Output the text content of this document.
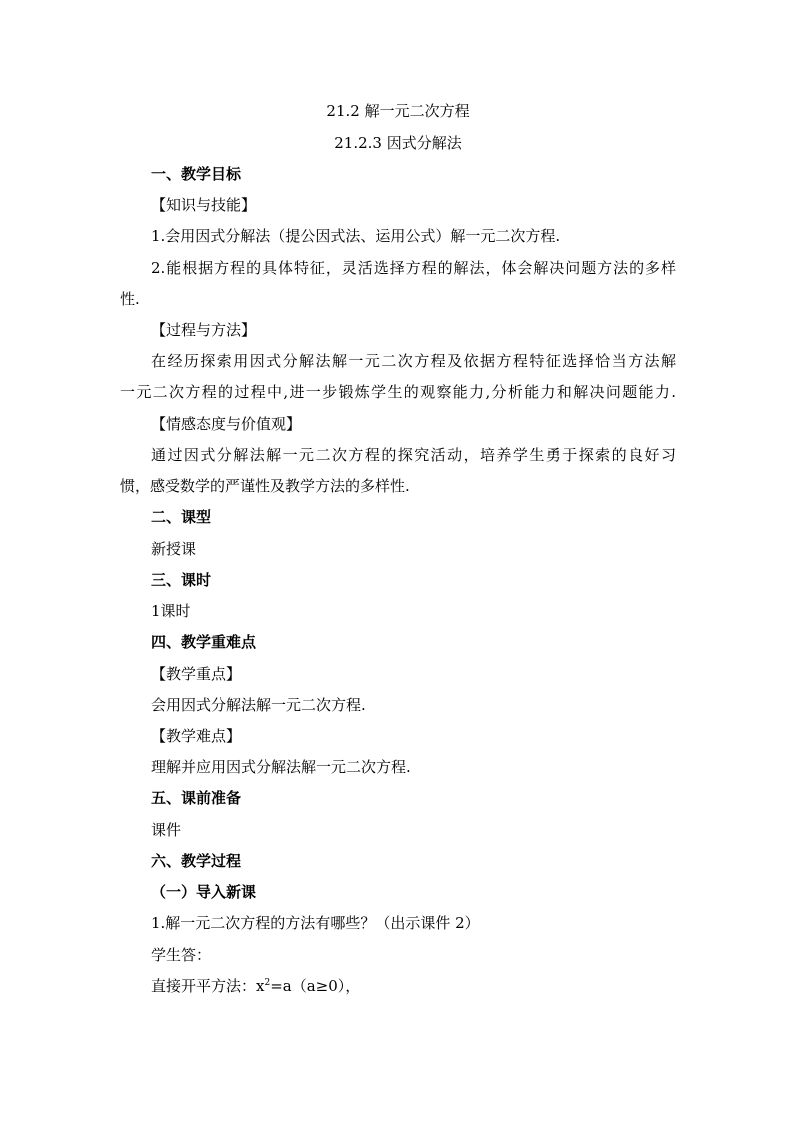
21.2 解一元二次方程
21.2.3 因式分解法
一、教学目标
【知识与技能】
1.会用因式分解法（提公因式法、运用公式）解一元二次方程.
2.能根据方程的具体特征，灵活选择方程的解法，体会解决问题方法的多样
性.
【过程与方法】
在经历探索用因式分解法解一元二次方程及依据方程特征选择恰当方法解
一元二次方程的过程中,进一步锻炼学生的观察能力,分析能力和解决问题能力.
【情感态度与价值观】
通过因式分解法解一元二次方程的探究活动，培养学生勇于探索的良好习
惯，感受数学的严谨性及教学方法的多样性.
二、课型
新授课
三、课时
1课时
四、教学重难点
【教学重点】
会用因式分解法解一元二次方程.
【教学难点】
理解并应用因式分解法解一元二次方程.
五、课前准备
课件
六、教学过程
（一）导入新课
1.解一元二次方程的方法有哪些？（出示课件 2）
学生答：
直接开平方法：$x^2=a(a\ge 0)$，
